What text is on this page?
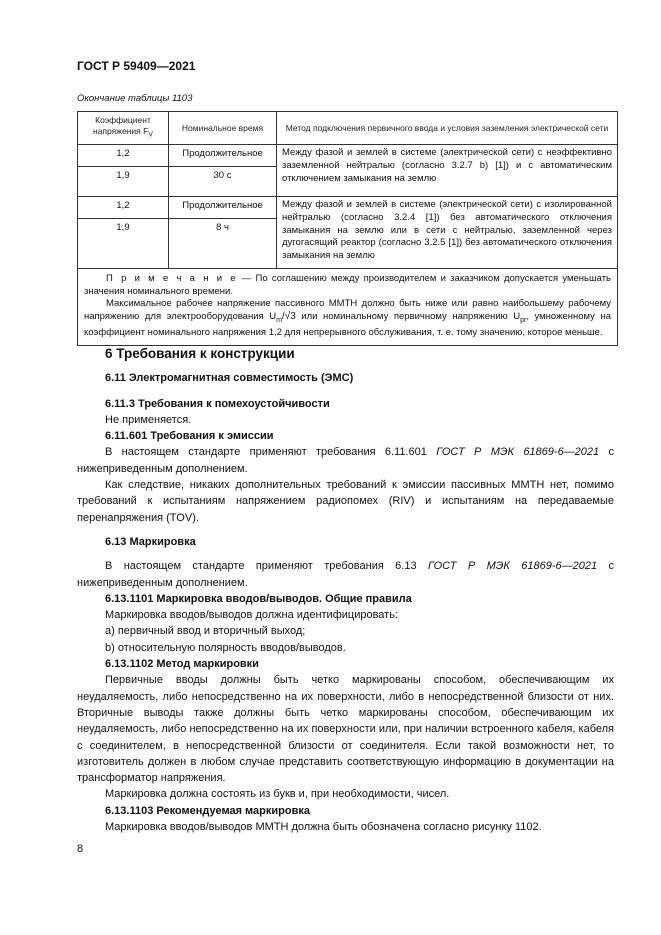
ГОСТ Р 59409—2021
Окончание таблицы 1103
Коэффициент напряжения $F_V$	Номинальное время	Метод подключения первичного ввода и условия заземления электрической сети
1,2	Продолжительное	Между фазой и землей в системе (электрической сети) с неэффективно заземленной нейтралью (согласно 3.2.7 b) [1]) и с автоматическим отключением замыкания на землю
1,9	30 с	
1,2	Продолжительное	Между фазой и землей в системе (электрической сети) с изолированной нейтралью (согласно 3.2.4 [1]) без автоматического отключения замыкания на землю или в сети с нейтралью, заземленной через дугогасящий реактор (согласно 3.2.5 [1]) без автоматического отключения замыкания на землю
1,9	8 ч	

П р и м е ч а н и е — По соглашению между производителем и заказчиком допускается уменьшать значения номинального времени.

Максимальное рабочее напряжение пассивного ММТН должно быть ниже или равно наибольшему рабочему напряжению для электрооборудования $U_m/√3$ или номинальному первичному напряжению $U_{pr}$, умноженному на коэффициент номинального напряжения 1,2 для непрерывного обслуживания, т. е. тому значению, которое меньше.		

6 Требования к конструкции

6.11 Электромагнитная совместимость (ЭМС)

6.11.3 Требования к помехоустойчивости

Не применяется.

6.11.601 Требования к эмиссии

В настоящем стандарте применяют требования 6.11.601 ГОСТ Р МЭК 61869-6—2021 с нижеприведенным дополнением.

Как следствие, никаких дополнительных требований к эмиссии пассивных ММТН нет, помимо требований к испытаниям напряжением радиопомех (RIV) и испытаниям на передаваемые перенапряжения (TOV).

6.13 Маркировка

В настоящем стандарте применяют требования 6.13 ГОСТ Р МЭК 61869-6—2021 с нижеприведенным дополнением.

6.13.1101 Маркировка вводов/выводов. Общие правила

Маркировка вводов/выводов должна идентифицировать:

a) первичный ввод и вторичный выход;

b) относительную полярность вводов/выводов.

6.13.1102 Метод маркировки

Первичные вводы должны быть четко маркированы способом, обеспечивающим их неудаляемость, либо непосредственно на их поверхности, либо в непосредственной близости от них. Вторичные выводы также должны быть четко маркированы способом, обеспечивающим их неудаляемость, либо непосредственно на их поверхности или, при наличии встроенного кабеля, кабеля с соединителем, в непосредственной близости от соединителя. Если такой возможности нет, то изготовитель должен в любом случае представить соответствующую информацию в документации на трансформатор напряжения.

Маркировка должна состоять из букв и, при необходимости, чисел.

6.13.1103 Рекомендуемая маркировка

Маркировка вводов/выводов ММТН должна быть обозначена согласно рисунку 1102.

8
